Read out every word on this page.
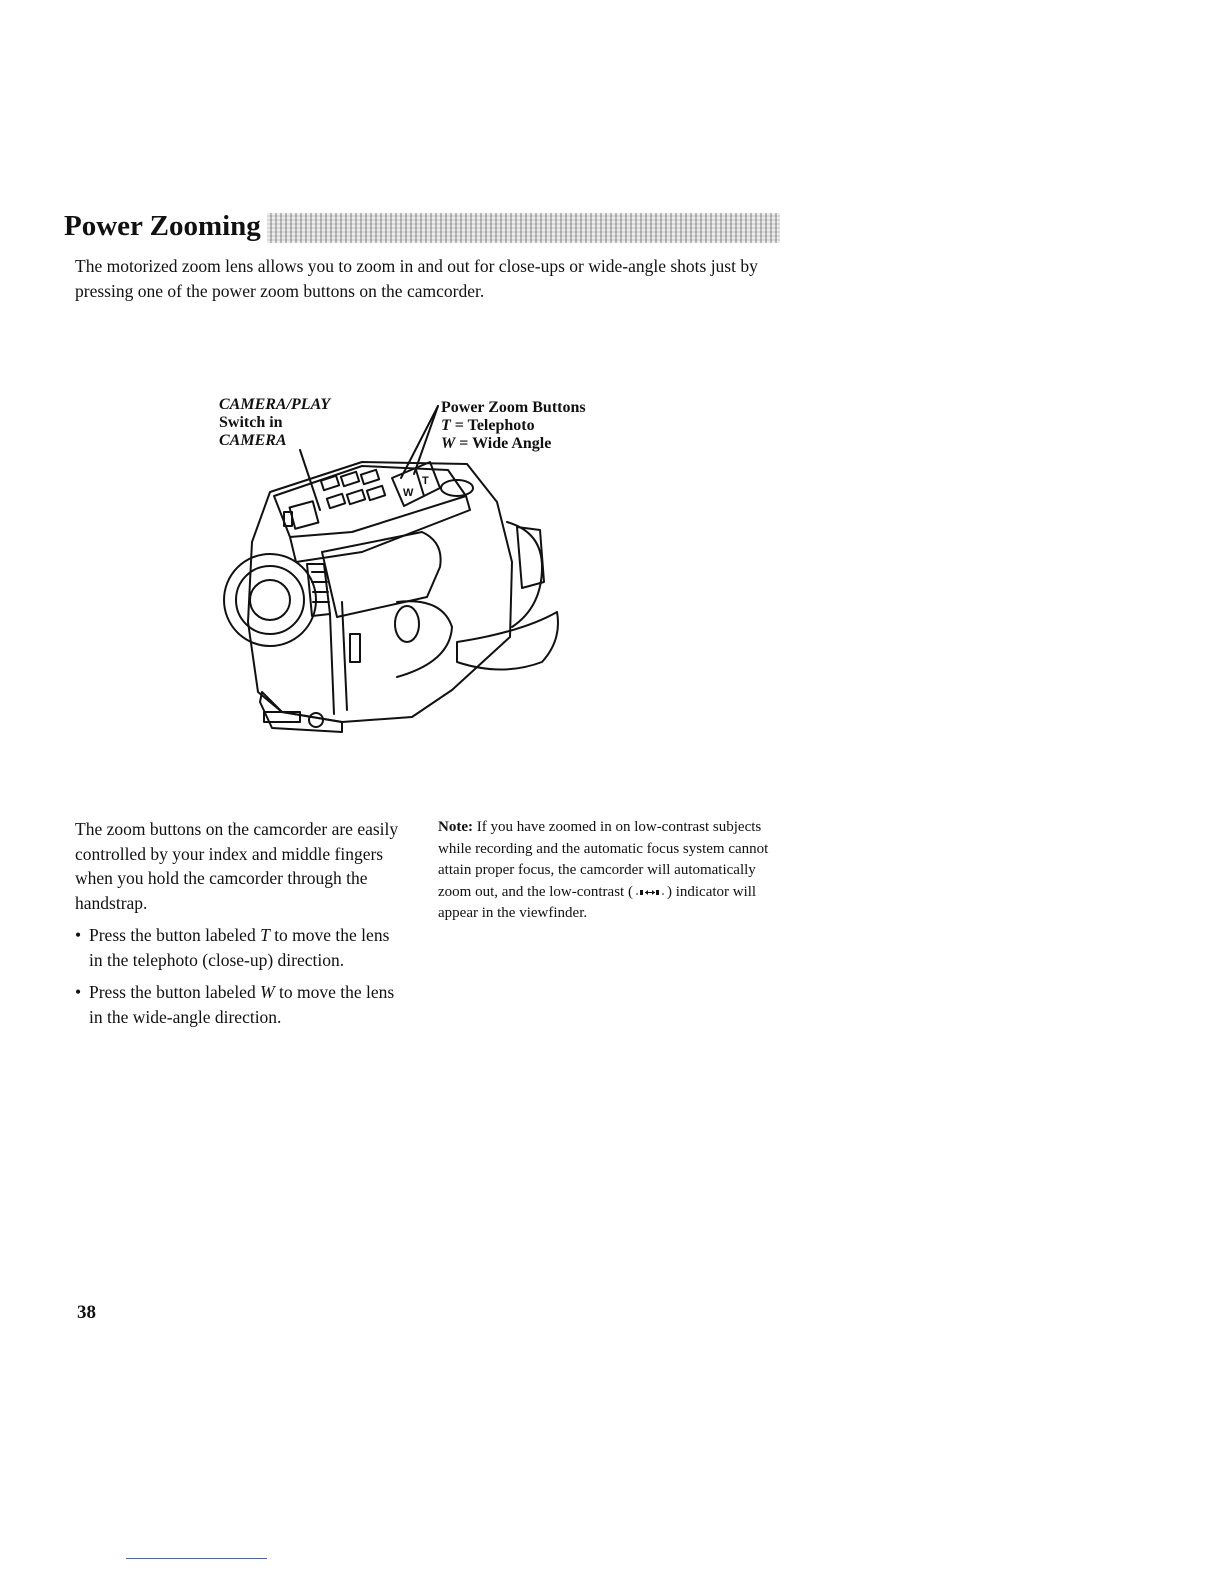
Power Zooming

The motorized zoom lens allows you to zoom in and out for close-ups or wide-angle shots just by pressing one of the power zoom buttons on the camcorder.

W
T

CAMERA/PLAY
Switch in
CAMERA

Power Zoom Buttons
T = Telephoto
W = Wide Angle

The zoom buttons on the camcorder are easily controlled by your index and middle fingers when you hold the camcorder through the handstrap.

• Press the button labeled T to move the lens in the telephoto (close-up) direction.
• Press the button labeled W to move the lens in the wide-angle direction.

Note: If you have zoomed in on low-contrast subjects while recording and the automatic focus system cannot attain proper focus, the camcorder will automatically zoom out, and the low-contrast ( ) indicator will appear in the viewfinder.

38
